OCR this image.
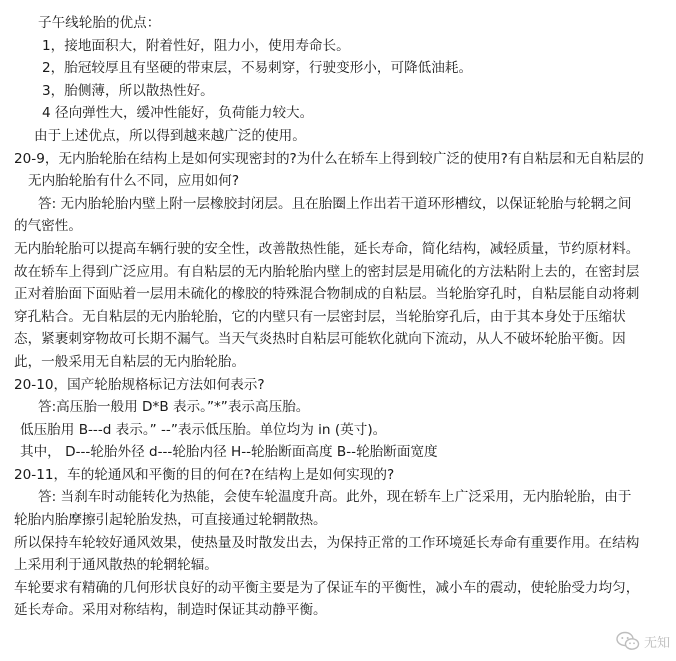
子午线轮胎的优点：

1，接地面积大，附着性好，阻力小，使用寿命长。

2，胎冠较厚且有坚硬的带束层，不易刺穿，行驶变形小，可降低油耗。

3，胎侧薄，所以散热性好。

4 径向弹性大，缓冲性能好，负荷能力较大。

由于上述优点，所以得到越来越广泛的使用。

20-9，无内胎轮胎在结构上是如何实现密封的?为什么在轿车上得到较广泛的使用?有自粘层和无自粘层的

无内胎轮胎有什么不同，应用如何?

答: 无内胎轮胎内壁上附一层橡胶封闭层。且在胎圈上作出若干道环形槽纹，以保证轮胎与轮辋之间

的气密性。

无内胎轮胎可以提高车辆行驶的安全性，改善散热性能，延长寿命，简化结构，减轻质量，节约原材料。

故在轿车上得到广泛应用。有自粘层的无内胎轮胎内壁上的密封层是用硫化的方法粘附上去的，在密封层

正对着胎面下面贴着一层用未硫化的橡胶的特殊混合物制成的自粘层。当轮胎穿孔时，自粘层能自动将刺

穿孔粘合。无自粘层的无内胎轮胎，它的内壁只有一层密封层，当轮胎穿孔后，由于其本身处于压缩状

态，紧裹刺穿物故可长期不漏气。当天气炎热时自粘层可能软化就向下流动，从人不破坏轮胎平衡。因

此，一般采用无自粘层的无内胎轮胎。

20-10，国产轮胎规格标记方法如何表示?

答:高压胎一般用 D*B 表示。”*”表示高压胎。

低压胎用 B---d 表示。” --”表示低压胎。单位均为 in (英寸)。

其中， D---轮胎外径 d---轮胎内径 H--轮胎断面高度 B--轮胎断面宽度

20-11，车的轮通风和平衡的目的何在?在结构上是如何实现的?

答: 当刹车时动能转化为热能，会使车轮温度升高。此外，现在轿车上广泛采用，无内胎轮胎，由于

轮胎内胎摩擦引起轮胎发热，可直接通过轮辋散热。

所以保持车轮较好通风效果，使热量及时散发出去，为保持正常的工作环境延长寿命有重要作用。在结构

上采用利于通风散热的轮辋轮辐。

车轮要求有精确的几何形状良好的动平衡主要是为了保证车的平衡性，减小车的震动，使轮胎受力均匀，

延长寿命。采用对称结构，制造时保证其动静平衡。

无知
